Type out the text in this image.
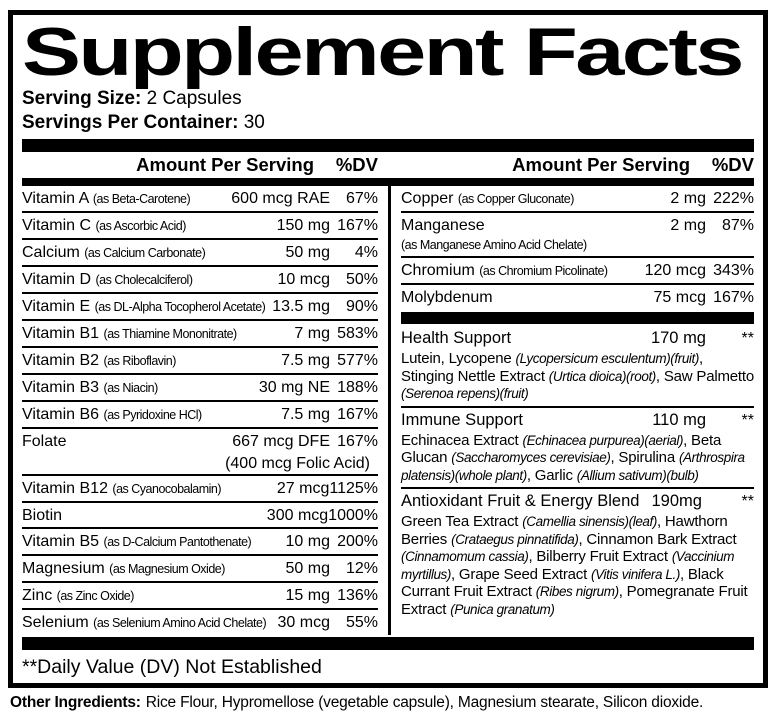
Supplement Facts
Serving Size: 2 Capsules
Servings Per Container: 30
Amount Per Serving	%DV	Amount Per Serving	%DV
Vitamin A (as Beta-Carotene)	600 mcg RAE 67%
Vitamin C (as Ascorbic Acid)	150 mg 167%
Calcium (as Calcium Carbonate)	50 mg	4%
Vitamin D (as Cholecalciferol)	10 mcg 50%
Vitamin E (as DL-Alpha Tocopherol Acetate) 13.5 mg 90%
Vitamin B1 (as Thiamine Mononitrate)	7 mg 583%
Vitamin B2 (as Riboflavin)	7.5 mg 577%
Vitamin B3 (as Niacin)	30 mg NE 188%
Vitamin B6 (as Pyridoxine HCl)	7.5 mg 167%
Folate	667 mcg DFE 167%
(400 mcg Folic Acid)
Vitamin B12 (as Cyanocobalamin)	27 mcg 1125%
Biotin	300 mcg 1000%
Vitamin B5 (as D-Calcium Pantothenate)	10 mg 200%
Magnesium (as Magnesium Oxide)	50 mg 12%
Zinc (as Zinc Oxide)	15 mg 136%
Selenium (as Selenium Amino Acid Chelate) 30 mcg 55%
Copper (as Copper Gluconate)	2 mg 222%
Manganese	2 mg 87%
(as Manganese Amino Acid Chelate)
Chromium (as Chromium Picolinate)	120 mcg 343%
Molybdenum	75 mcg 167%
Health Support	170 mg	**

Lutein, Lycopene (Lycopersicum esculentum)(fruit), Stinging Nettle Extract (Urtica dioica)(root), Saw Palmetto (Serenoa repens)(fruit)

Immune Support	110 mg	**

Echinacea Extract (Echinacea purpurea)(aerial), Beta Glucan (Saccharomyces cerevisiae), Spirulina (Arthrospira platensis)(whole plant), Garlic (Allium sativum)(bulb)

Antioxidant Fruit & Energy Blend 190mg	**

Green Tea Extract (Camellia sinensis)(leaf), Hawthorn Berries (Crataegus pinnatifida), Cinnamon Bark Extract (Cinnamomum cassia), Bilberry Fruit Extract (Vaccinium myrtillus), Grape Seed Extract (Vitis vinifera L.), Black Currant Fruit Extract (Ribes nigrum), Pomegranate Fruit Extract (Punica granatum)

**Daily Value (DV) Not Established
Other Ingredients: Rice Flour, Hypromellose (vegetable capsule), Magnesium stearate, Silicon dioxide.
